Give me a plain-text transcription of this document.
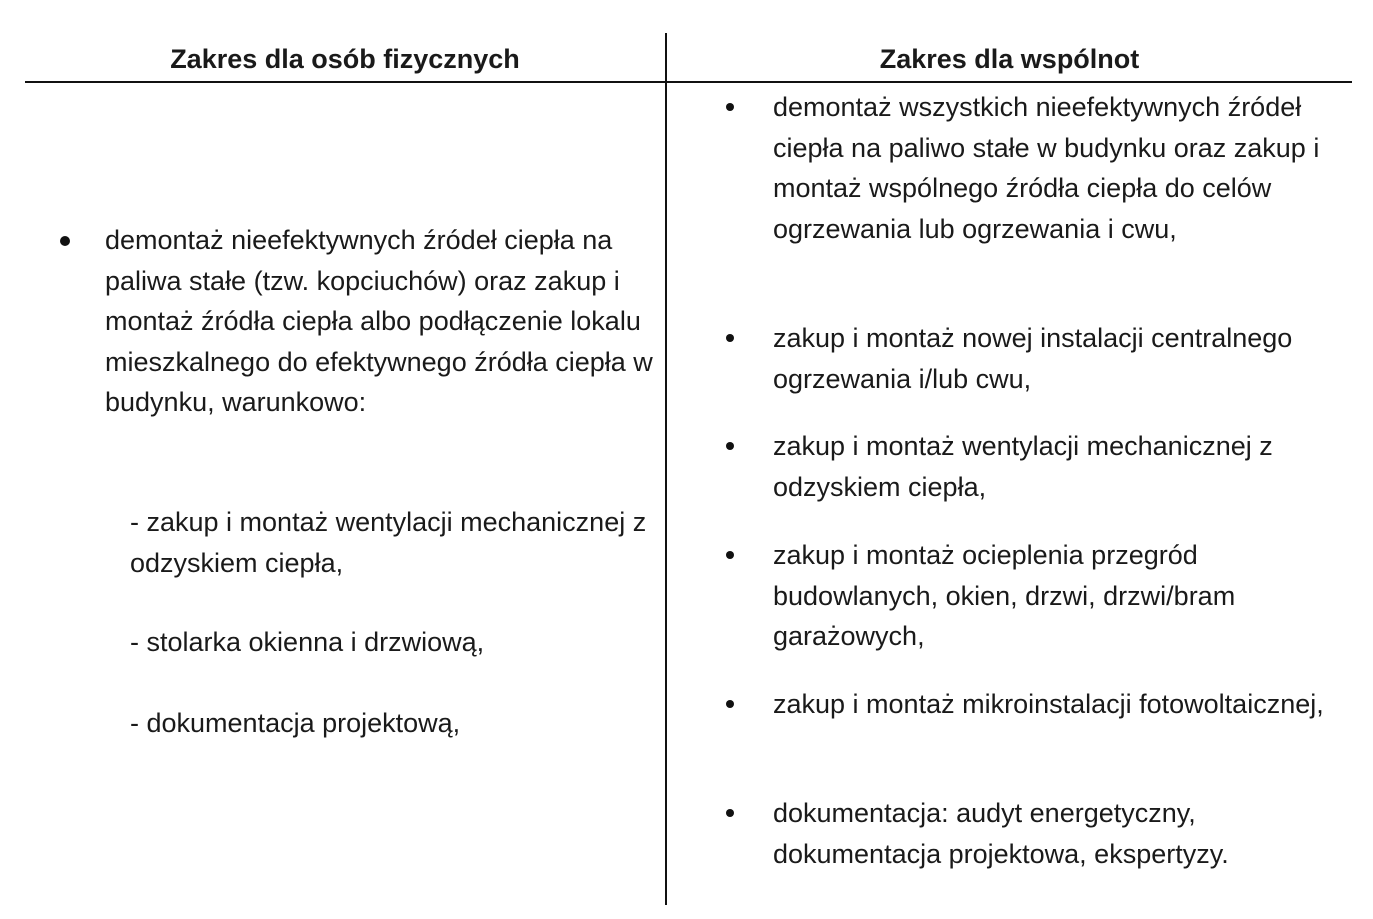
Zakres dla osób fizycznych	Zakres dla wspólnot
demontaż nieefektywnych źródeł ciepła na paliwa stałe (tzw. kopciuchów) oraz zakup i montaż źródła ciepła albo podłączenie lokalu mieszkalnego do efektywnego źródła ciepła w budynku, warunkowo:
- zakup i montaż wentylacji mechanicznej z odzyskiem ciepła,
- stolarka okienna i drzwiową,
- dokumentacja projektową,
demontaż wszystkich nieefektywnych źródeł ciepła na paliwo stałe w budynku oraz zakup i montaż wspólnego źródła ciepła do celów ogrzewania lub ogrzewania i cwu,
zakup i montaż nowej instalacji centralnego ogrzewania i/lub cwu,
zakup i montaż wentylacji mechanicznej z odzyskiem ciepła,
zakup i montaż ocieplenia przegród budowlanych, okien, drzwi, drzwi/bram garażowych,
zakup i montaż mikroinstalacji fotowoltaicznej,
dokumentacja: audyt energetyczny, dokumentacja projektowa, ekspertyzy.
